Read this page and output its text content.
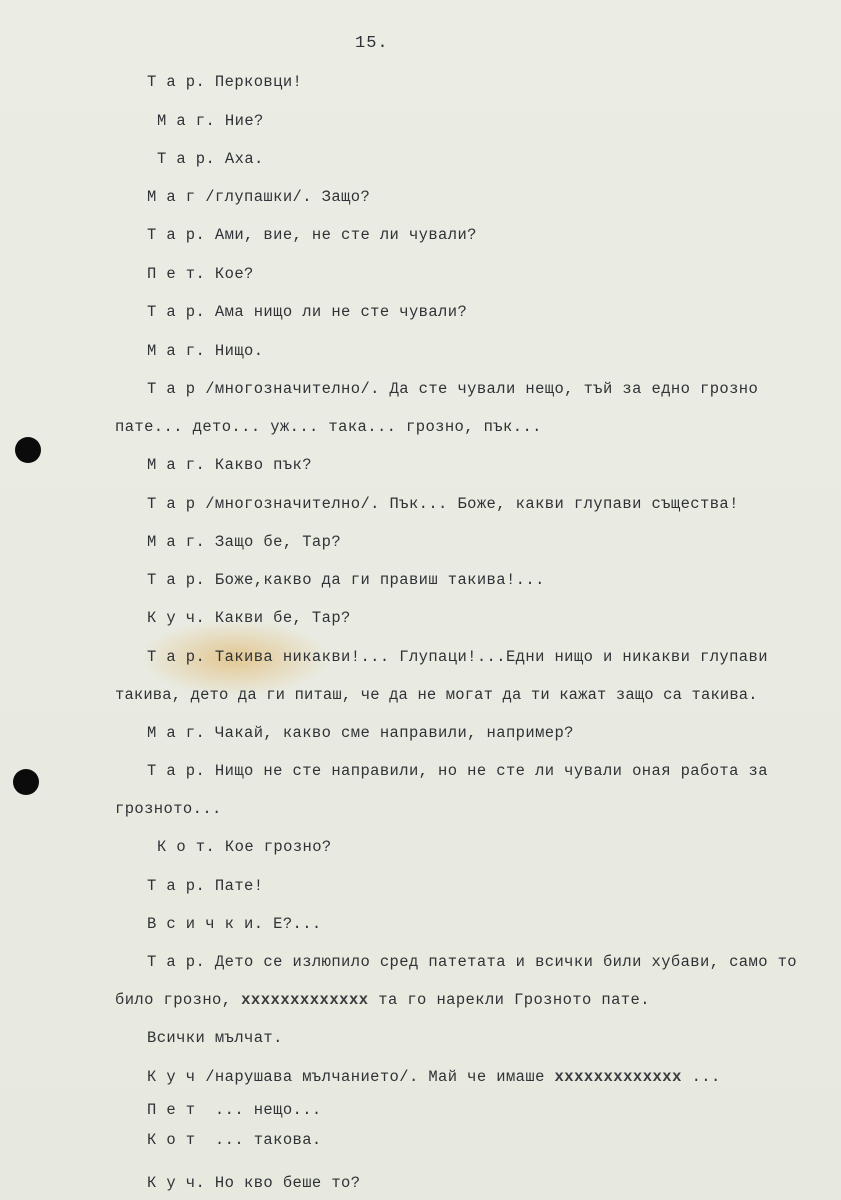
15.
Т а р. Перковци!
М а г. Ние?
Т а р. Аха.
М а г /глупашки/. Защо?
Т а р. Ами, вие, не сте ли чували?
П е т. Кое?
Т а р. Ама нищо ли не сте чували?
М а г. Нищо.
Т а р /многозначително/. Да сте чували нещо, тъй за едно грозно
пате... дето... уж... така... грозно, пък...
М а г. Какво пък?
Т а р /многозначително/. Пък... Боже, какви глупави същества!
М а г. Защо бе, Тар?
Т а р. Боже,какво да ги правиш такива!...
К у ч. Какви бе, Тар?
Т а р. Такива никакви!... Глупаци!...Едни нищо и никакви глупави
такива, дето да ги питаш, че да не могат да ти кажат защо са такива.
М а г. Чакай, какво сме направили, например?
Т а р. Нищо не сте направили, но не сте ли чували оная работа за
грозното...
К о т. Кое грозно?
Т а р. Пате!
В с и ч к и. Е?...
Т а р. Дето се излюпило сред патетата и всички били хубави, само то
било грозно, xxxxxxxxxxxxx та го нарекли Грозното пате.
Всички мълчат.
К у ч /нарушава мълчанието/. Май че имаше xxxxxxxxxxxxx ...
П е т  ... нещо...
К о т  ... такова.
К у ч. Но кво беше то?
